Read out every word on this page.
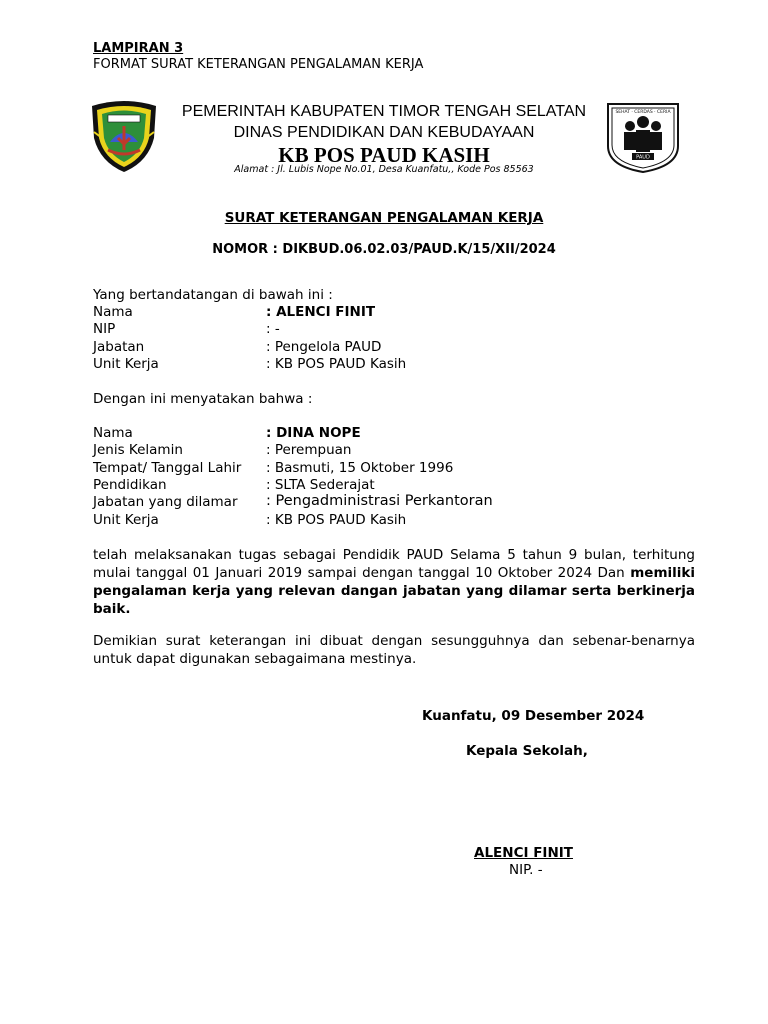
LAMPIRAN 3
FORMAT SURAT KETERANGAN PENGALAMAN KERJA
PEMERINTAH KABUPATEN TIMOR TENGAH SELATAN
DINAS PENDIDIKAN DAN KEBUDAYAAN
KB POS PAUD KASIH
Alamat : Jl. Lubis Nope No.01, Desa Kuanfatu,, Kode Pos 85563
PAUD
SEHAT · CERDAS · CERIA
SURAT KETERANGAN PENGALAMAN KERJA
NOMOR : DIKBUD.06.02.03/PAUD.K/15/XII/2024
Yang bertandatangan di bawah ini :
Nama	: ALENCI FINIT
NIP	: -
Jabatan	: Pengelola PAUD
Unit Kerja	: KB POS PAUD Kasih
Dengan ini menyatakan bahwa :
Nama	: DINA NOPE
Jenis Kelamin	: Perempuan
Tempat/ Tanggal Lahir : Basmuti, 15 Oktober 1996
Pendidikan	: SLTA Sederajat
Jabatan yang dilamar : Pengadministrasi Perkantoran
Unit Kerja	: KB POS PAUD Kasih
telah melaksanakan tugas sebagai Pendidik PAUD Selama 5 tahun 9 bulan, terhitung mulai tanggal 01 Januari 2019 sampai dengan tanggal 10 Oktober 2024 Dan memiliki pengalaman kerja yang relevan dangan jabatan yang dilamar serta berkinerja baik.
Demikian surat keterangan ini dibuat dengan sesungguhnya dan sebenar-benarnya untuk dapat digunakan sebagaimana mestinya.
Kuanfatu, 09 Desember 2024
Kepala Sekolah,
ALENCI FINIT
NIP. -
